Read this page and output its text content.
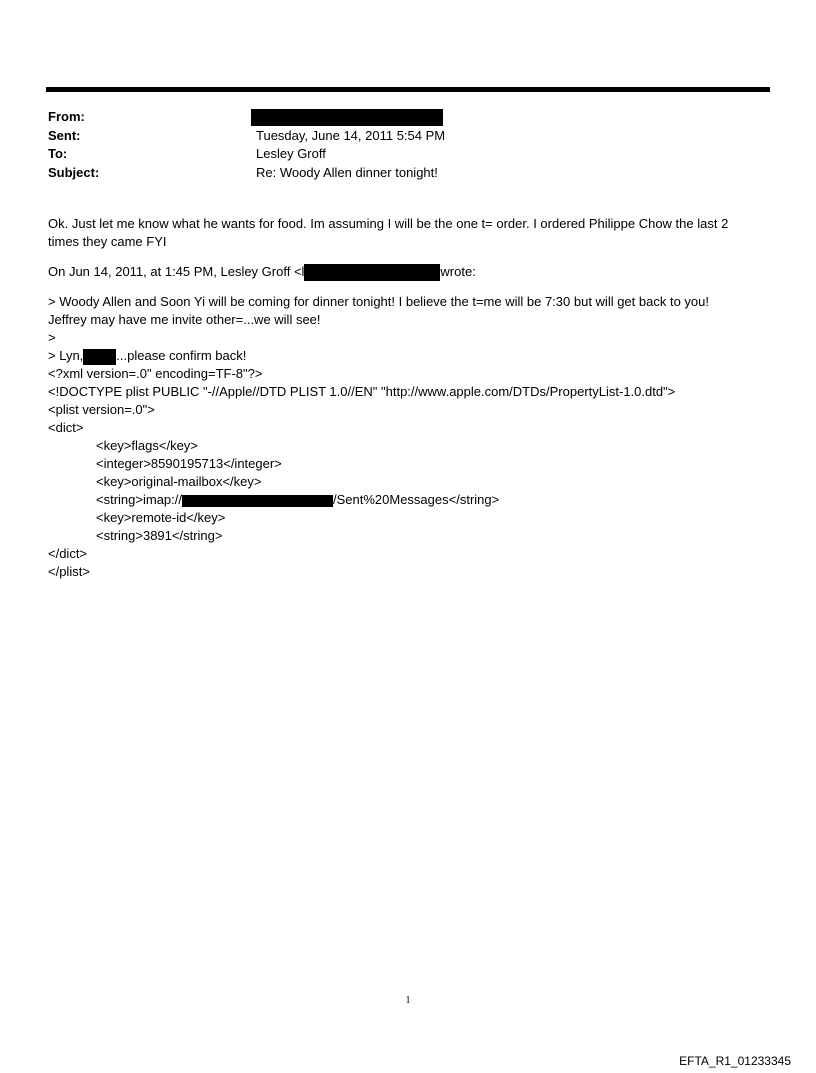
From:
Sent:	Tuesday, June 14, 2011 5:54 PM
To:	Lesley Groff
Subject:	Re: Woody Allen dinner tonight!

Ok. Just let me know what he wants for food. Im assuming I will be the one t= order. I ordered Philippe Chow the last 2

times they came FYI

On Jun 14, 2011, at 1:45 PM, Lesley Groff <l	wrote:

> Woody Allen and Soon Yi will be coming for dinner tonight! I believe the t=me will be 7:30 but will get back to you!

Jeffrey may have me invite other=...we will see!

>

> Lyn,	...please confirm back!

<?xml version=.0" encoding=TF-8"?>

<!DOCTYPE plist PUBLIC "-//Apple//DTD PLIST 1.0//EN" "http://www.apple.com/DTDs/PropertyList-1.0.dtd">

<plist version=.0">

<dict>

<key>flags</key>

<integer>8590195713</integer>

<key>original-mailbox</key>

<string>imap://	/Sent%20Messages</string>

<key>remote-id</key>

<string>3891</string>

</dict>

</plist>

1
EFTA_R1_01233345
